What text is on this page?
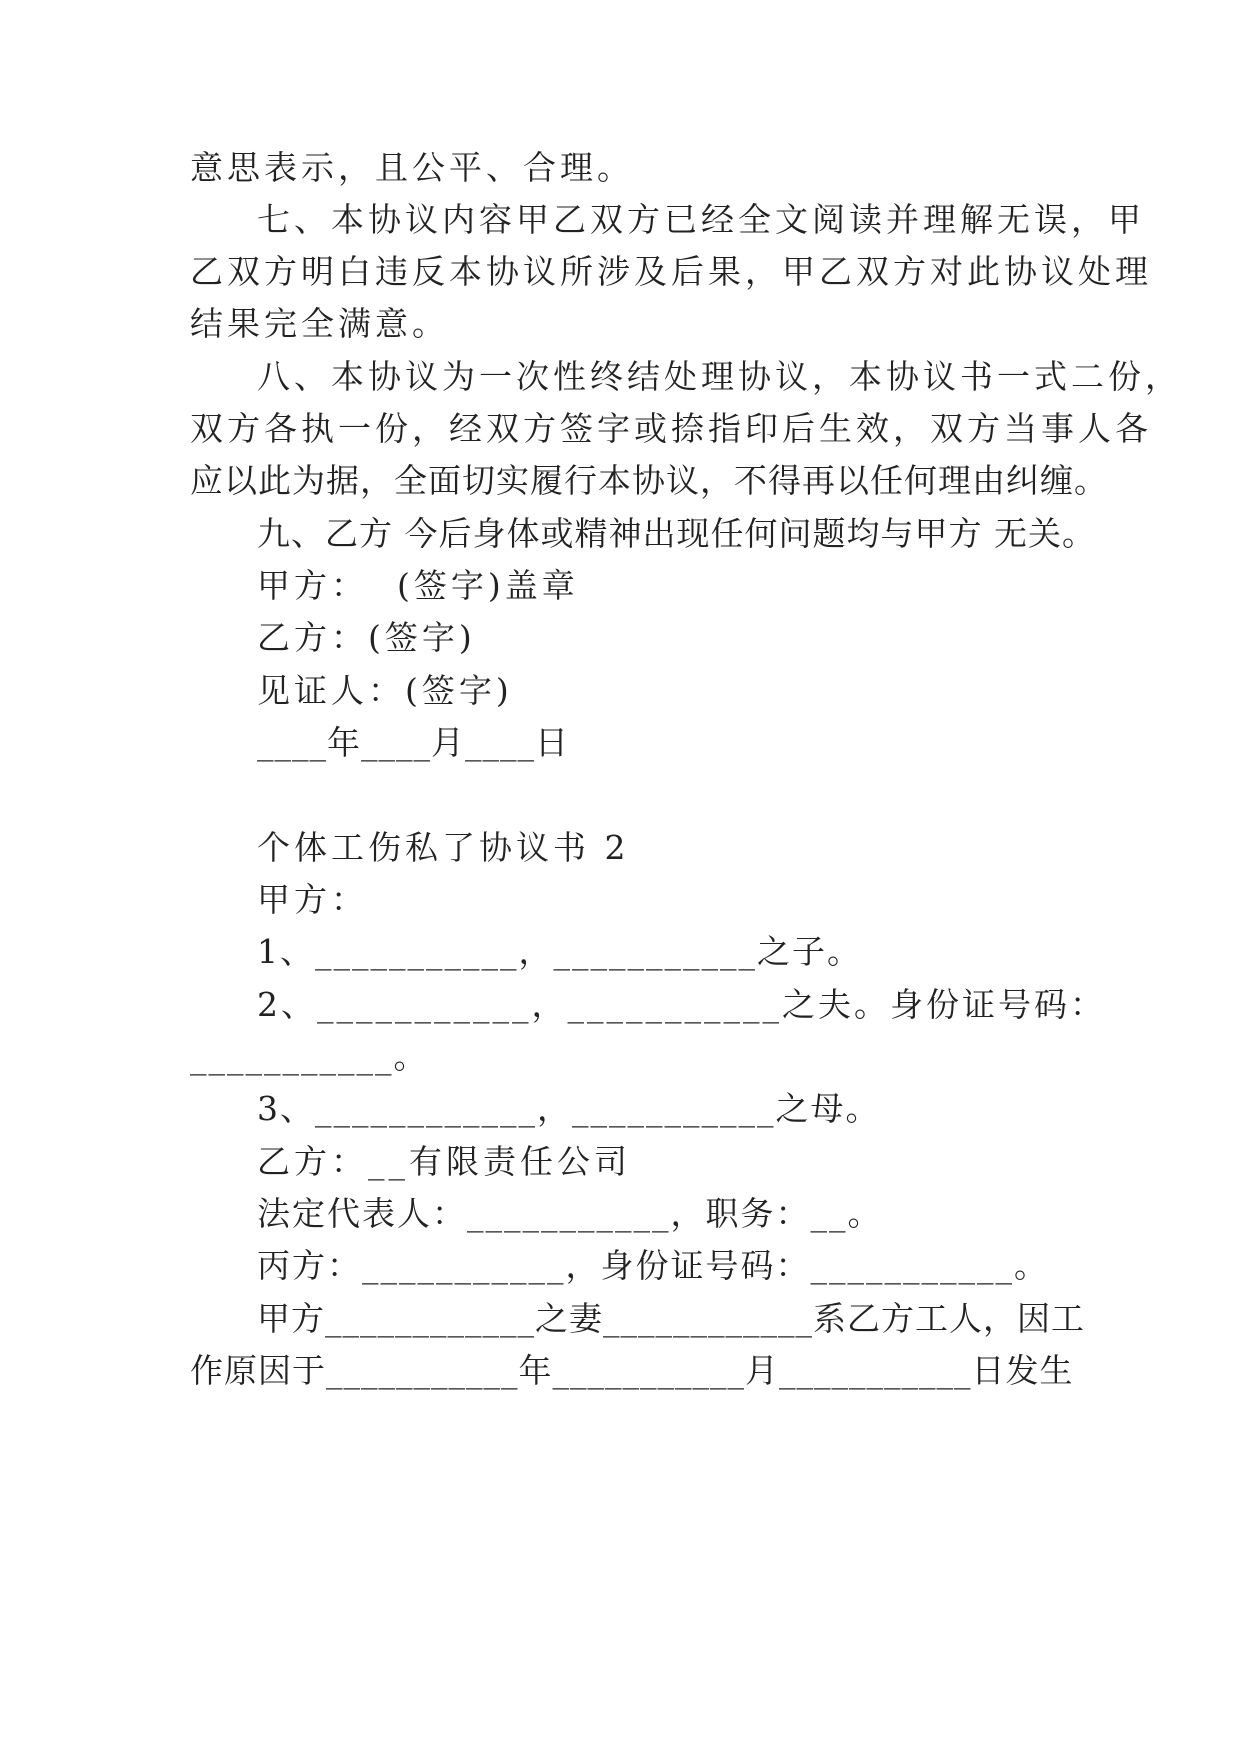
意思表示，且公平、合理。
七、本协议内容甲乙双方已经全文阅读并理解无误，甲
乙双方明白违反本协议所涉及后果，甲乙双方对此协议处理
结果完全满意。
八、本协议为一次性终结处理协议，本协议书一式二份，
双方各执一份，经双方签字或捺指印后生效，双方当事人各
应以此为据，全面切实履行本协议，不得再以任何理由纠缠。
九、乙方 今后身体或精神出现任何问题均与甲方 无关。
甲方：  (签字)盖章
乙方：(签字)
见证人：(签字)
____年____月____日
个体工伤私了协议书 2
甲方：
1、___________，___________之子。
2、___________，___________之夫。身份证号码：
___________。
3、____________，___________之母。
乙方：__有限责任公司
法定代表人：___________，职务：__。
丙方：___________，身份证号码：___________。
甲方____________之妻____________系乙方工人，因工
作原因于___________年___________月___________日发生
